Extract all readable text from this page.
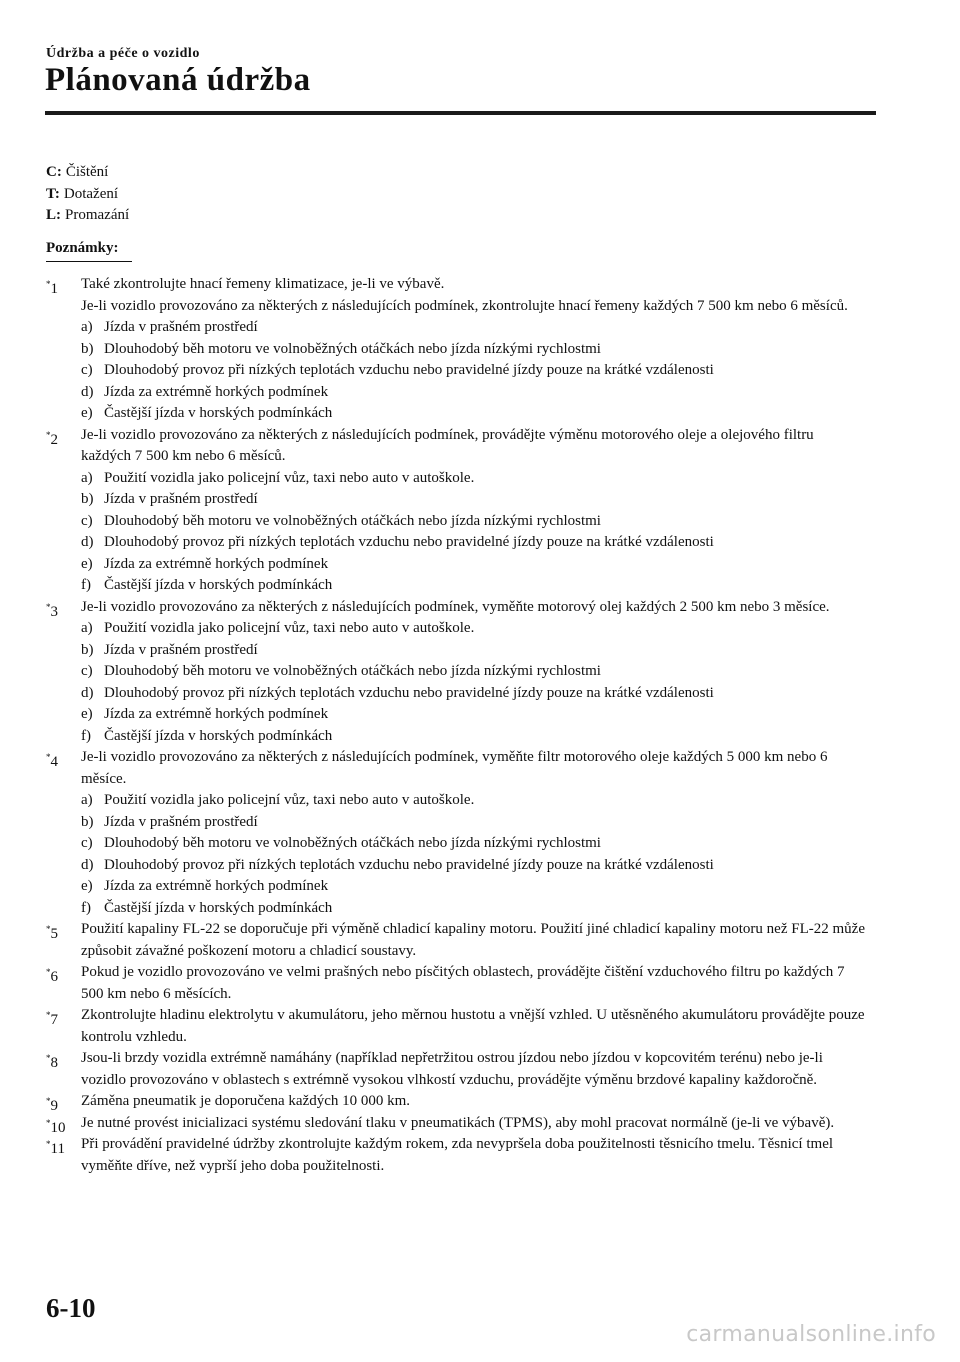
Údržba a péče o vozidlo
Plánovaná údržba
C: Čištění
T: Dotažení
L: Promazání
Poznámky:
*1 Také zkontrolujte hnací řemeny klimatizace, je-li ve výbavě.
Je-li vozidlo provozováno za některých z následujících podmínek, zkontrolujte hnací řemeny každých 7 500 km nebo 6 měsíců.
a) Jízda v prašném prostředí
b) Dlouhodobý běh motoru ve volnoběžných otáčkách nebo jízda nízkými rychlostmi
c) Dlouhodobý provoz při nízkých teplotách vzduchu nebo pravidelné jízdy pouze na krátké vzdálenosti
d) Jízda za extrémně horkých podmínek
e) Častější jízda v horských podmínkách
*2 Je-li vozidlo provozováno za některých z následujících podmínek, provádějte výměnu motorového oleje a olejového filtru každých 7 500 km nebo 6 měsíců.
a) Použití vozidla jako policejní vůz, taxi nebo auto v autoškole.
b) Jízda v prašném prostředí
c) Dlouhodobý běh motoru ve volnoběžných otáčkách nebo jízda nízkými rychlostmi
d) Dlouhodobý provoz při nízkých teplotách vzduchu nebo pravidelné jízdy pouze na krátké vzdálenosti
e) Jízda za extrémně horkých podmínek
f) Častější jízda v horských podmínkách
*3 Je-li vozidlo provozováno za některých z následujících podmínek, vyměňte motorový olej každých 2 500 km nebo 3 měsíce.
a) Použití vozidla jako policejní vůz, taxi nebo auto v autoškole.
b) Jízda v prašném prostředí
c) Dlouhodobý běh motoru ve volnoběžných otáčkách nebo jízda nízkými rychlostmi
d) Dlouhodobý provoz při nízkých teplotách vzduchu nebo pravidelné jízdy pouze na krátké vzdálenosti
e) Jízda za extrémně horkých podmínek
f) Častější jízda v horských podmínkách
*4 Je-li vozidlo provozováno za některých z následujících podmínek, vyměňte filtr motorového oleje každých 5 000 km nebo 6 měsíce.
a) Použití vozidla jako policejní vůz, taxi nebo auto v autoškole.
b) Jízda v prašném prostředí
c) Dlouhodobý běh motoru ve volnoběžných otáčkách nebo jízda nízkými rychlostmi
d) Dlouhodobý provoz při nízkých teplotách vzduchu nebo pravidelné jízdy pouze na krátké vzdálenosti
e) Jízda za extrémně horkých podmínek
f) Častější jízda v horských podmínkách
*5 Použití kapaliny FL-22 se doporučuje při výměně chladicí kapaliny motoru. Použití jiné chladicí kapaliny motoru než FL-22 může způsobit závažné poškození motoru a chladicí soustavy.
*6 Pokud je vozidlo provozováno ve velmi prašných nebo písčitých oblastech, provádějte čištění vzduchového filtru po každých 7 500 km nebo 6 měsících.
*7 Zkontrolujte hladinu elektrolytu v akumulátoru, jeho měrnou hustotu a vnější vzhled. U utěsněného akumulátoru provádějte pouze kontrolu vzhledu.
*8 Jsou-li brzdy vozidla extrémně namáhány (například nepřetržitou ostrou jízdou nebo jízdou v kopcovitém terénu) nebo je-li vozidlo provozováno v oblastech s extrémně vysokou vlhkostí vzduchu, provádějte výměnu brzdové kapaliny každoročně.
*9 Záměna pneumatik je doporučena každých 10 000 km.
*10 Je nutné provést inicializaci systému sledování tlaku v pneumatikách (TPMS), aby mohl pracovat normálně (je-li ve výbavě).
*11 Při provádění pravidelné údržby zkontrolujte každým rokem, zda nevypršela doba použitelnosti těsnicího tmelu. Těsnicí tmel vyměňte dříve, než vyprší jeho doba použitelnosti.
6-10
carmanualsonline.info
